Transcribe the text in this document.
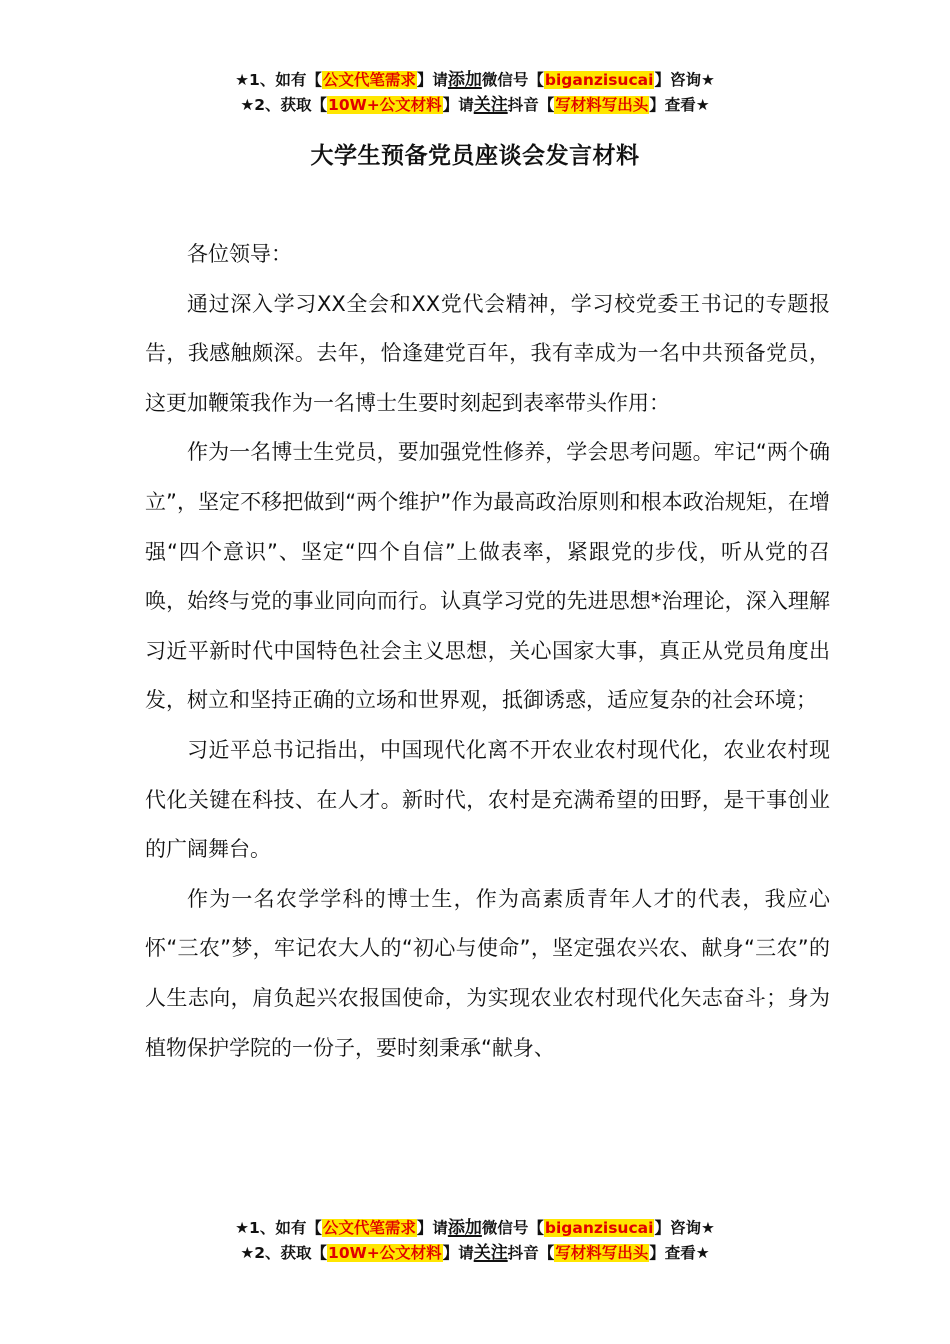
★1、如有【公文代笔需求】请添加微信号【biganzisucai】咨询★
★2、获取【10W+公文材料】请关注抖音【写材料写出头】查看★
大学生预备党员座谈会发言材料

各位领导：

通过深入学习XX全会和XX党代会精神，学习校党委王书记的专题报告，我感触颇深。去年，恰逢建党百年，我有幸成为一名中共预备党员，这更加鞭策我作为一名博士生要时刻起到表率带头作用：

作为一名博士生党员，要加强党性修养，学会思考问题。牢记“两个确立”，坚定不移把做到“两个维护”作为最高政治原则和根本政治规矩，在增强“四个意识”、坚定“四个自信”上做表率，紧跟党的步伐，听从党的召唤，始终与党的事业同向而行。认真学习党的先进思想*治理论，深入理解习近平新时代中国特色社会主义思想，关心国家大事，真正从党员角度出发，树立和坚持正确的立场和世界观，抵御诱惑，适应复杂的社会环境；

习近平总书记指出，中国现代化离不开农业农村现代化，农业农村现代化关键在科技、在人才。新时代，农村是充满希望的田野，是干事创业的广阔舞台。

作为一名农学学科的博士生，作为高素质青年人才的代表，我应心怀“三农”梦，牢记农大人的“初心与使命”，坚定强农兴农、献身“三农”的人生志向，肩负起兴农报国使命，为实现农业农村现代化矢志奋斗；身为植物保护学院的一份子，要时刻秉承“献身、

★1、如有【公文代笔需求】请添加微信号【biganzisucai】咨询★
★2、获取【10W+公文材料】请关注抖音【写材料写出头】查看★
